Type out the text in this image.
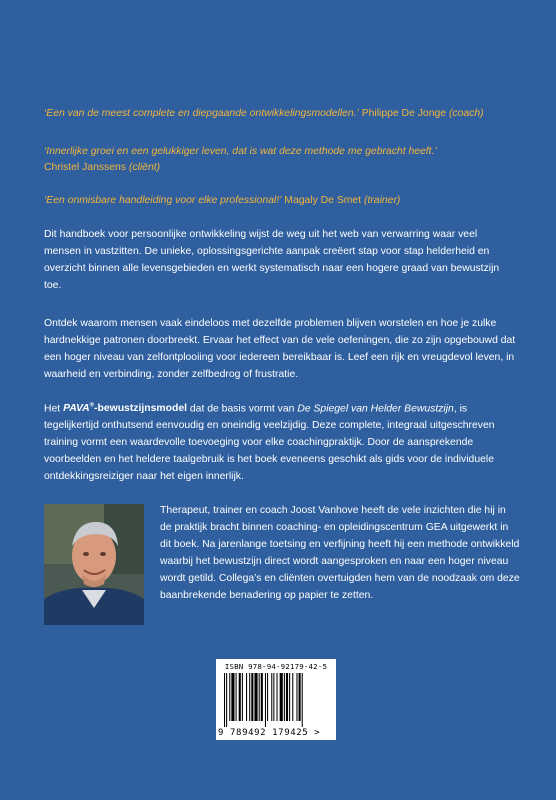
‘Een van de meest complete en diepgaande ontwikkelingsmodellen.’ Philippe De Jonge (coach)
‘Innerlijke groei en een gelukkiger leven, dat is wat deze methode me gebracht heeft.’
Christel Janssens (cliënt)
‘Een onmisbare handleiding voor elke professional!’ Magaly De Smet (trainer)
Dit handboek voor persoonlijke ontwikkeling wijst de weg uit het web van verwarring waar veel mensen in vastzitten. De unieke, oplossingsgerichte aanpak creëert stap voor stap helderheid en overzicht binnen alle levensgebieden en werkt systematisch naar een hogere graad van bewustzijn toe.
Ontdek waarom mensen vaak eindeloos met dezelfde problemen blijven worstelen en hoe je zulke hardnekkige patronen doorbreekt. Ervaar het effect van de vele oefeningen, die zo zijn opgebouwd dat een hoger niveau van zelfontplooiing voor iedereen bereikbaar is. Leef een rijk en vreugdevol leven, in waarheid en verbinding, zonder zelfbedrog of frustratie.
Het PAVA®-bewustzijnsmodel dat de basis vormt van De Spiegel van Helder Bewustzijn, is tegelijkertijd onthutsend eenvoudig en oneindig veelzijdig. Deze complete, integraal uitgeschreven training vormt een waardevolle toevoeging voor elke coachingpraktijk. Door de aansprekende voorbeelden en het heldere taalgebruik is het boek eveneens geschikt als gids voor de individuele ontdekkingsreiziger naar het eigen innerlijk.
Therapeut, trainer en coach Joost Vanhove heeft de vele inzichten die hij in de praktijk bracht binnen coaching- en opleidingscentrum GEA uitgewerkt in dit boek. Na jarenlange toetsing en verfijning heeft hij een methode ontwikkeld waarbij het bewustzijn direct wordt aangesproken en naar een hoger niveau wordt getild. Collega’s en cliënten overtuigden hem van de noodzaak om deze baanbrekende benadering op papier te zetten.
ISBN 978-94-92179-42-5
9 789492 179425 >
